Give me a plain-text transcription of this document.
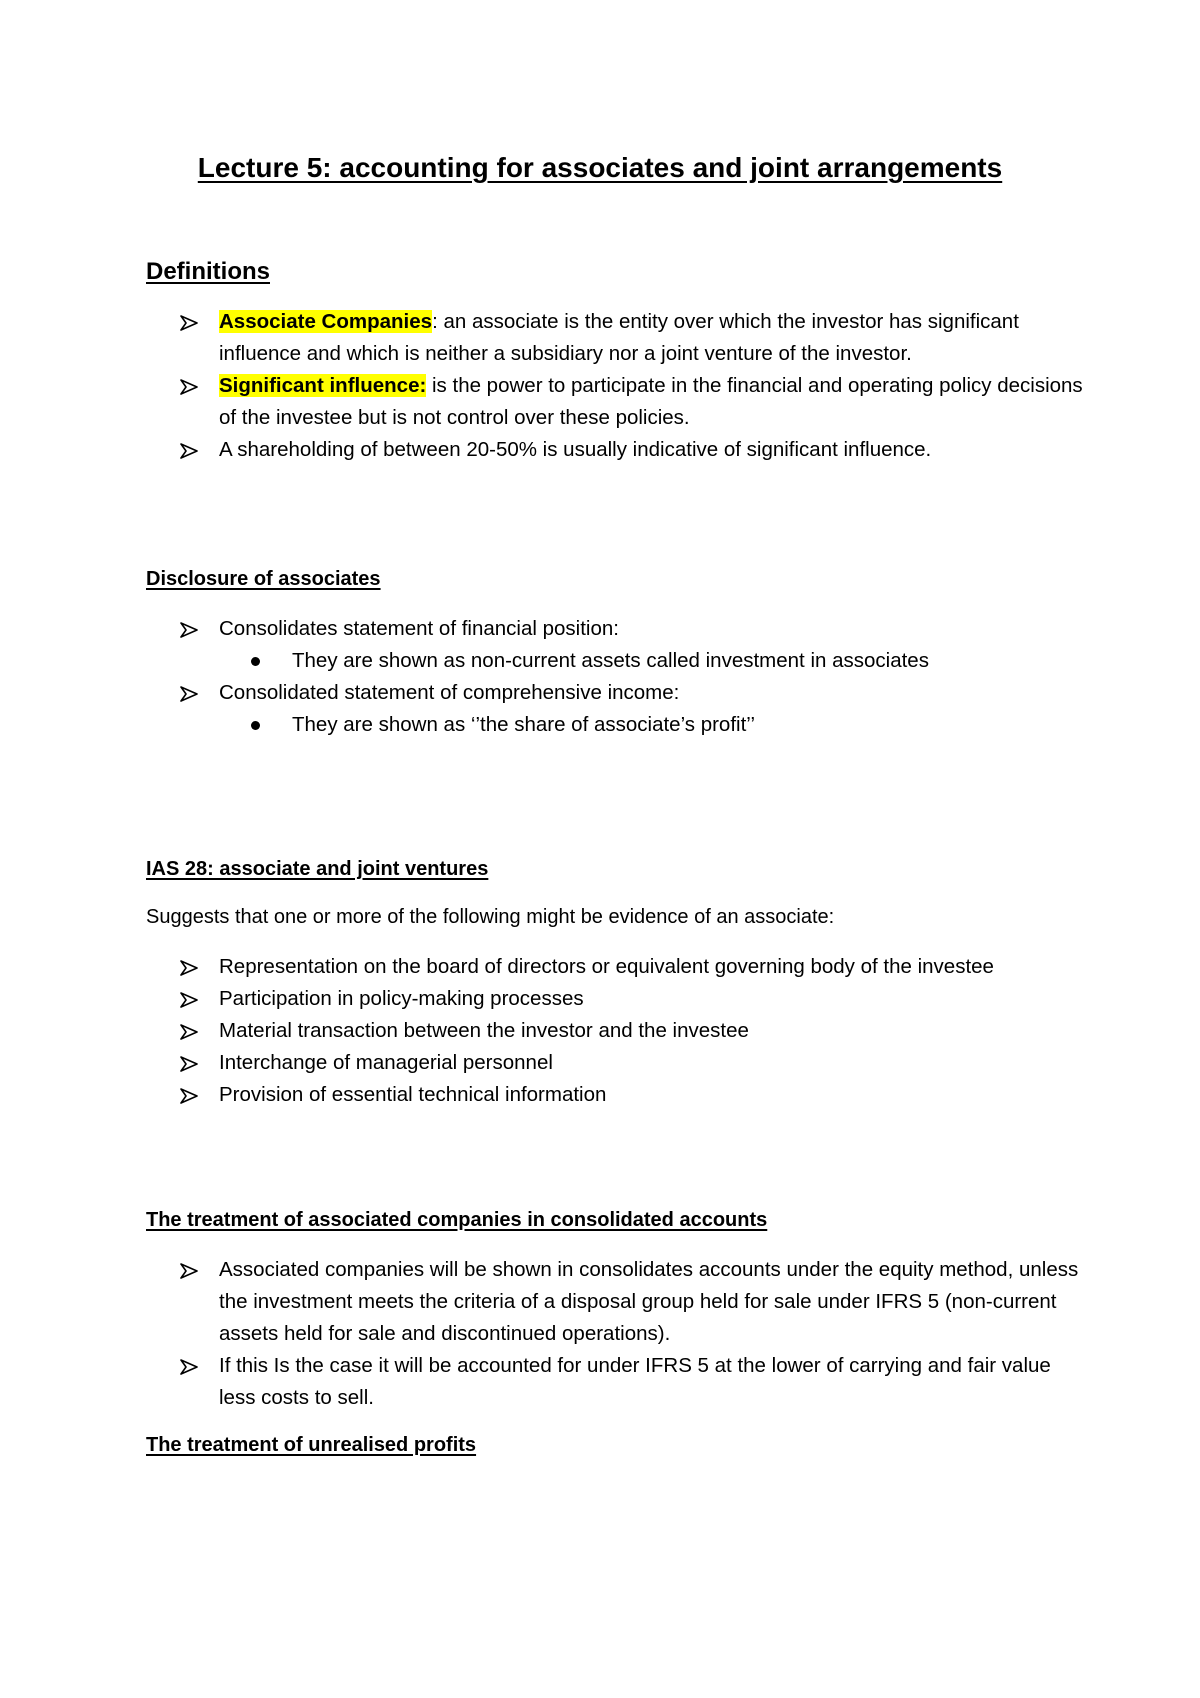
Lecture 5: accounting for associates and joint arrangements
Definitions
Associate Companies: an associate is the entity over which the investor has significant influence and which is neither a subsidiary nor a joint venture of the investor.
Significant influence: is the power to participate in the financial and operating policy decisions of the investee but is not control over these policies.
A shareholding of between 20-50% is usually indicative of significant influence.
Disclosure of associates
Consolidates statement of financial position:
They are shown as non-current assets called investment in associates
Consolidated statement of comprehensive income:
They are shown as ‘’the share of associate’s profit’’
IAS 28: associate and joint ventures
Suggests that one or more of the following might be evidence of an associate:
Representation on the board of directors or equivalent governing body of the investee
Participation in policy-making processes
Material transaction between the investor and the investee
Interchange of managerial personnel
Provision of essential technical information
The treatment of associated companies in consolidated accounts
Associated companies will be shown in consolidates accounts under the equity method, unless the investment meets the criteria of a disposal group held for sale under IFRS 5 (non-current assets held for sale and discontinued operations).
If this Is the case it will be accounted for under IFRS 5 at the lower of carrying and fair value less costs to sell.
The treatment of unrealised profits
